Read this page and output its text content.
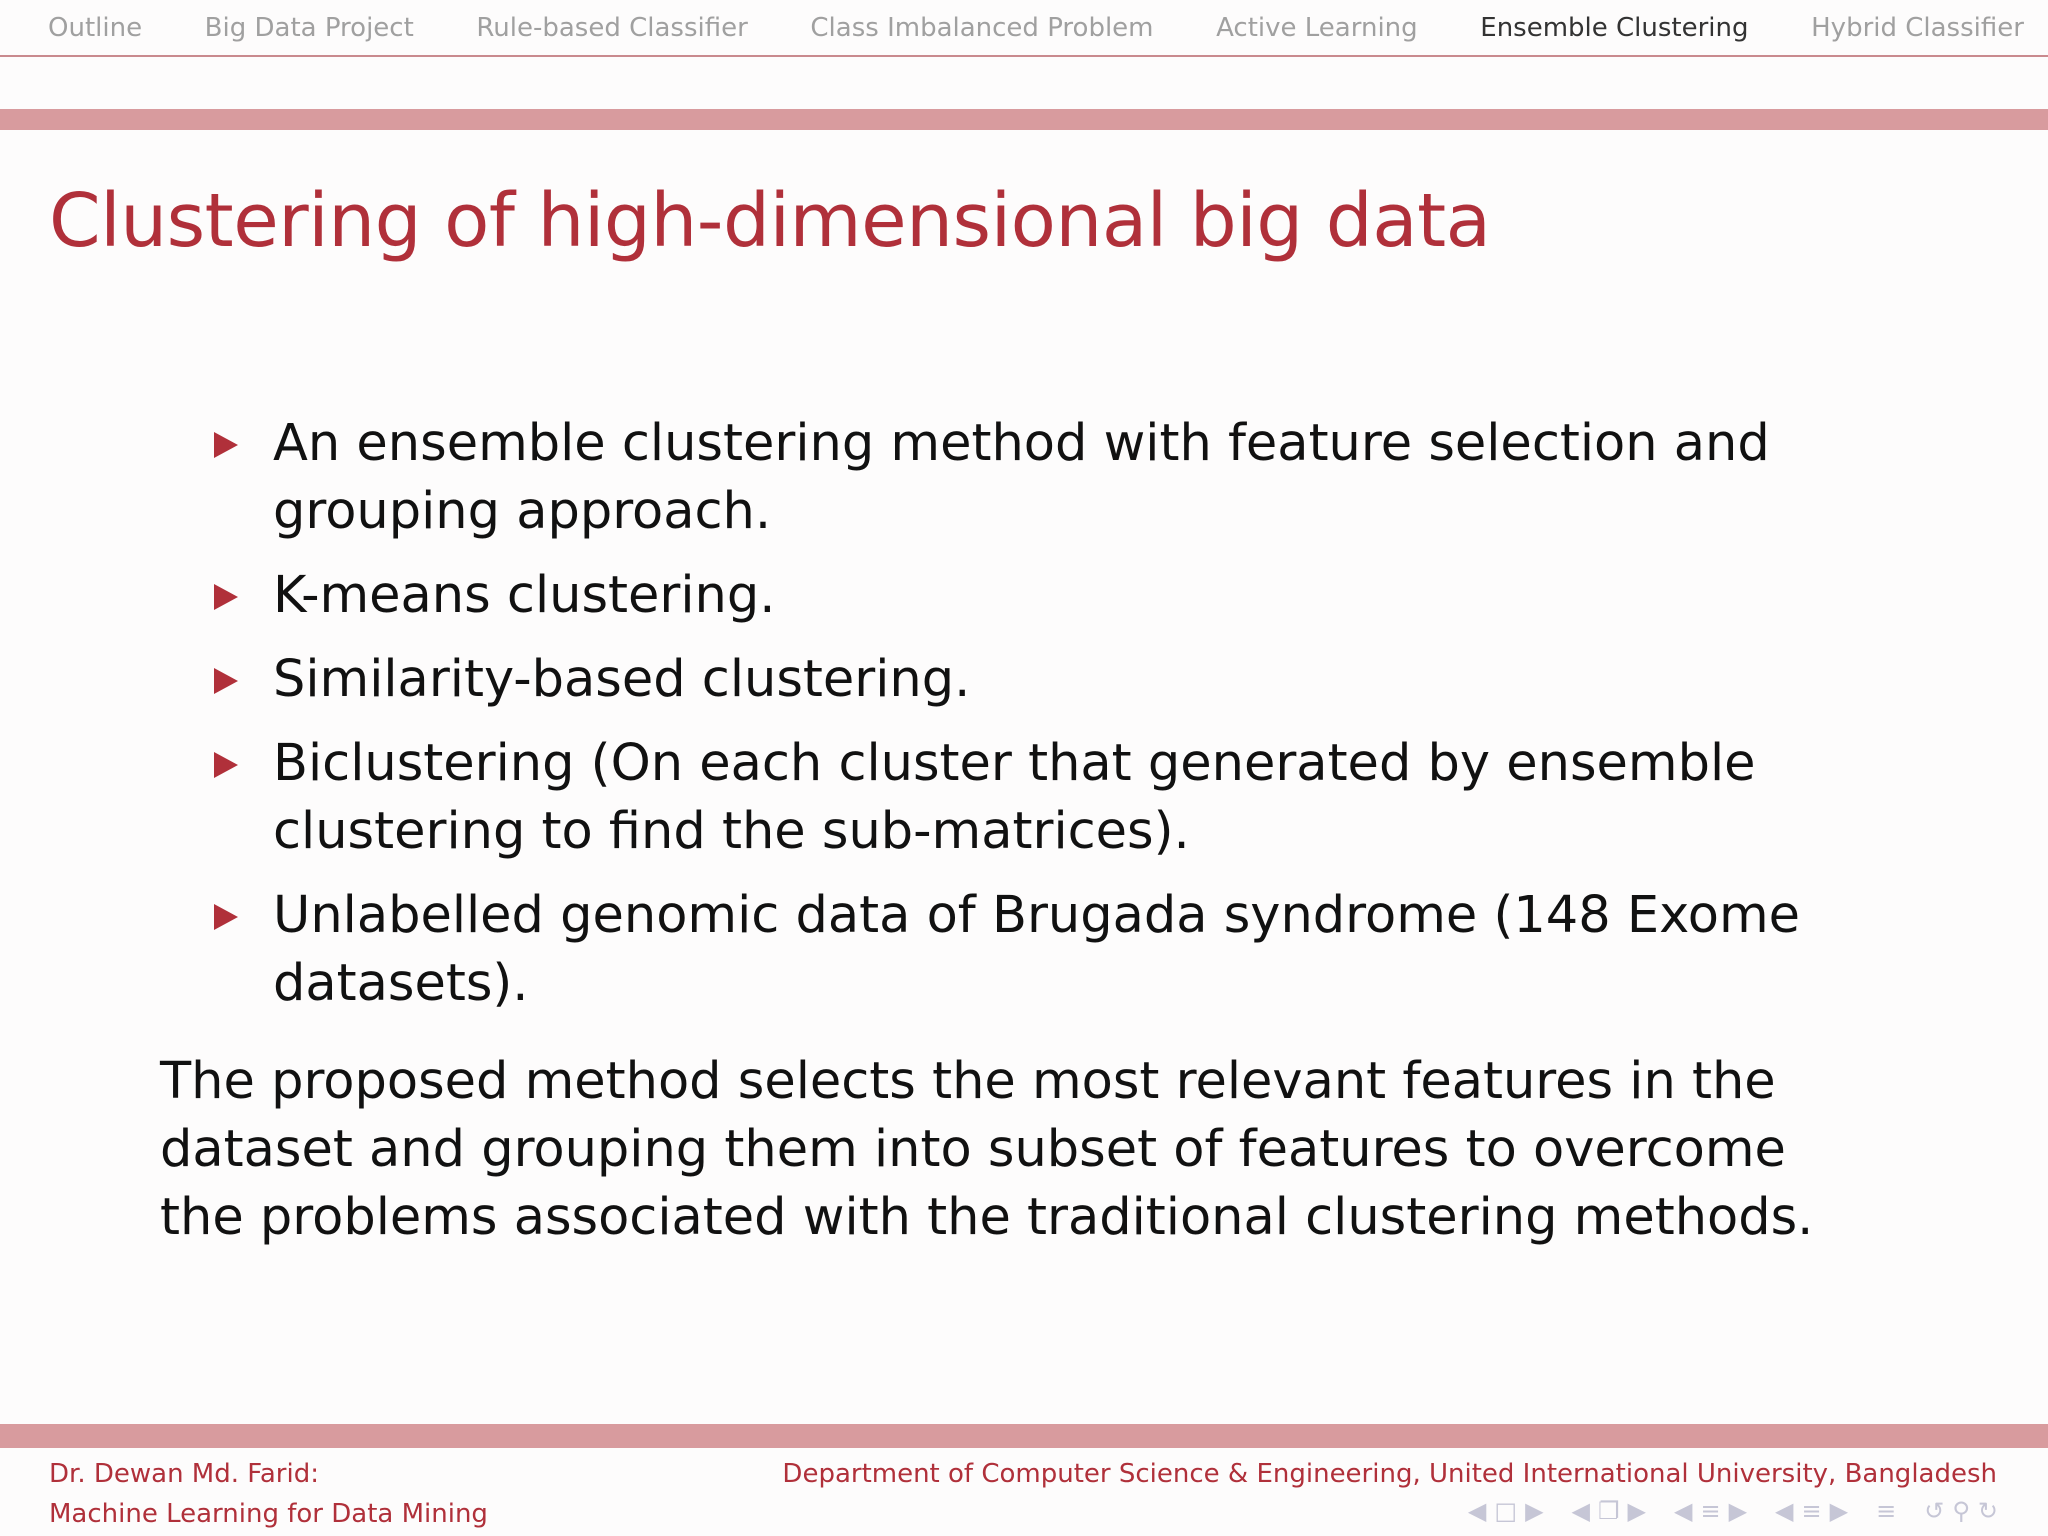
Outline Big Data Project Rule-based Classifier Class Imbalanced Problem Active Learning Ensemble Clustering Hybrid Classifier
Clustering of high-dimensional big data
An ensemble clustering method with feature selection and grouping approach.
K-means clustering.
Similarity-based clustering.
Biclustering (On each cluster that generated by ensemble clustering to find the sub-matrices).
Unlabelled genomic data of Brugada syndrome (148 Exome datasets).

The proposed method selects the most relevant features in the dataset and grouping them into subset of features to overcome the problems associated with the traditional clustering methods.

Dr. Dewan Md. Farid:
Machine Learning for Data Mining
Department of Computer Science & Engineering, United International University, Bangladesh
◀ □ ▶ ◀ ❐ ▶ ◀ ≡ ▶ ◀ ≡ ▶ ≡ ↺ ⚲ ↻
